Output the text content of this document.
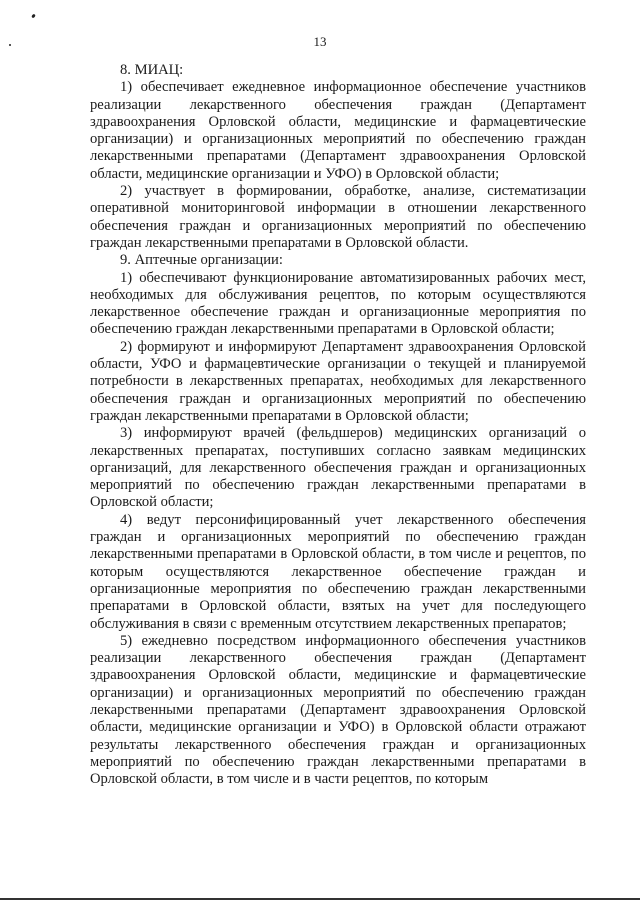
13
8. МИАЦ:

1) обеспечивает ежедневное информационное обеспечение участников реализации лекарственного обеспечения граждан (Департамент здравоохранения Орловской области, медицинские и фармацевтические организации) и организационных мероприятий по обеспечению граждан лекарственными препаратами (Департамент здравоохранения Орловской области, медицинские организации и УФО) в Орловской области;

2) участвует в формировании, обработке, анализе, систематизации оперативной мониторинговой информации в отношении лекарственного обеспечения граждан и организационных мероприятий по обеспечению граждан лекарственными препаратами в Орловской области.

9. Аптечные организации:

1) обеспечивают функционирование автоматизированных рабочих мест, необходимых для обслуживания рецептов, по которым осуществляются лекарственное обеспечение граждан и организационные мероприятия по обеспечению граждан лекарственными препаратами в Орловской области;

2) формируют и информируют Департамент здравоохранения Орловской области, УФО и фармацевтические организации о текущей и планируемой потребности в лекарственных препаратах, необходимых для лекарственного обеспечения граждан и организационных мероприятий по обеспечению граждан лекарственными препаратами в Орловской области;

3) информируют врачей (фельдшеров) медицинских организаций о лекарственных препаратах, поступивших согласно заявкам медицинских организаций, для лекарственного обеспечения граждан и организационных мероприятий по обеспечению граждан лекарственными препаратами в Орловской области;

4) ведут персонифицированный учет лекарственного обеспечения граждан и организационных мероприятий по обеспечению граждан лекарственными препаратами в Орловской области, в том числе и рецептов, по которым осуществляются лекарственное обеспечение граждан и организационные мероприятия по обеспечению граждан лекарственными препаратами в Орловской области, взятых на учет для последующего обслуживания в связи с временным отсутствием лекарственных препаратов;

5) ежедневно посредством информационного обеспечения участников реализации лекарственного обеспечения граждан (Департамент здравоохранения Орловской области, медицинские и фармацевтические организации) и организационных мероприятий по обеспечению граждан лекарственными препаратами (Департамент здравоохранения Орловской области, медицинские организации и УФО) в Орловской области отражают результаты лекарственного обеспечения граждан и организационных мероприятий по обеспечению граждан лекарственными препаратами в Орловской области, в том числе и в части рецептов, по которым
